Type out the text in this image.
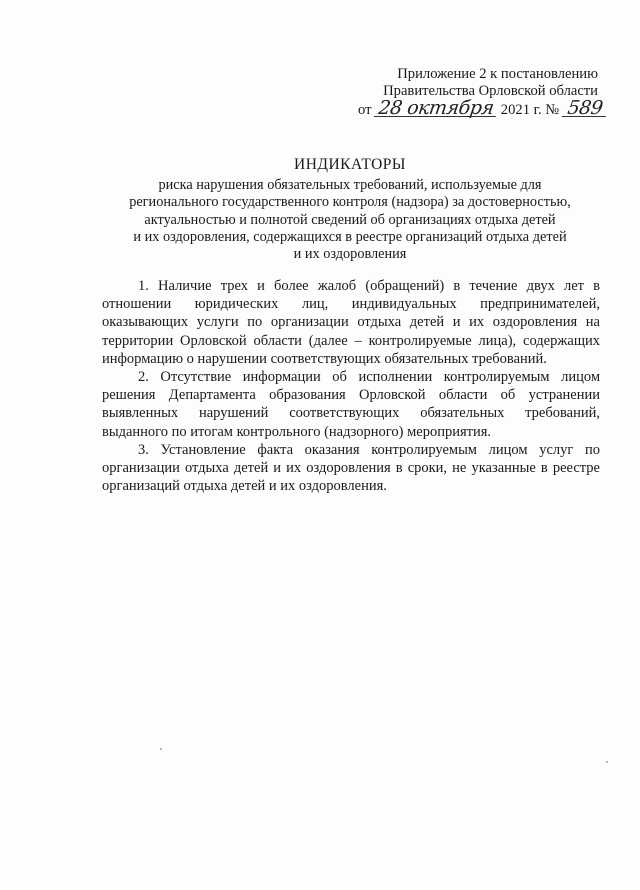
Приложение 2 к постановлению
Правительства Орловской области
от 28 октября 2021 г. № 589

ИНДИКАТОРЫ

риска нарушения обязательных требований, используемые для
регионального государственного контроля (надзора) за достоверностью,
актуальностью и полнотой сведений об организациях отдыха детей
и их оздоровления, содержащихся в реестре организаций отдыха детей
и их оздоровления

1. Наличие трех и более жалоб (обращений) в течение двух лет в отношении юридических лиц, индивидуальных предпринимателей, оказывающих услуги по организации отдыха детей и их оздоровления на территории Орловской области (далее – контролируемые лица), содержащих информацию о нарушении соответствующих обязательных требований.

2. Отсутствие информации об исполнении контролируемым лицом решения Департамента образования Орловской области об устранении выявленных нарушений соответствующих обязательных требований, выданного по итогам контрольного (надзорного) мероприятия.

3. Установление факта оказания контролируемым лицом услуг по организации отдыха детей и их оздоровления в сроки, не указанные в реестре организаций отдыха детей и их оздоровления.
